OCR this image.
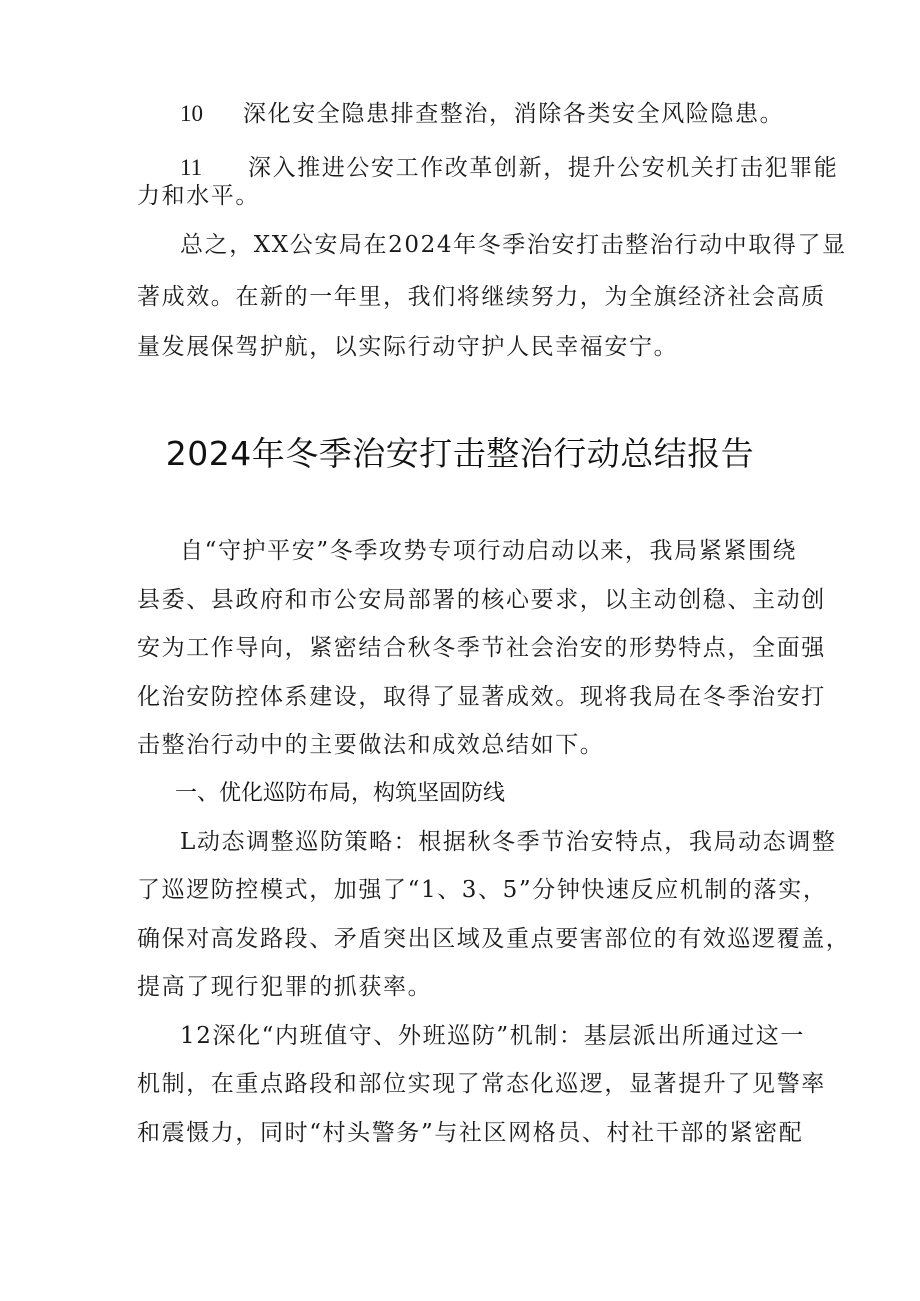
10 深化安全隐患排查整治，消除各类安全风险隐患。
11 深入推进公安工作改革创新，提升公安机关打击犯罪能
力和水平。
总之，XX公安局在2024年冬季治安打击整治行动中取得了显
著成效。在新的一年里，我们将继续努力，为全旗经济社会高质
量发展保驾护航，以实际行动守护人民幸福安宁。
2024年冬季治安打击整治行动总结报告
自“守护平安”冬季攻势专项行动启动以来，我局紧紧围绕
县委、县政府和市公安局部署的核心要求，以主动创稳、主动创
安为工作导向，紧密结合秋冬季节社会治安的形势特点，全面强
化治安防控体系建设，取得了显著成效。现将我局在冬季治安打
击整治行动中的主要做法和成效总结如下。
一、优化巡防布局，构筑坚固防线
L动态调整巡防策略：根据秋冬季节治安特点，我局动态调整
了巡逻防控模式，加强了“1、3、5”分钟快速反应机制的落实，
确保对高发路段、矛盾突出区域及重点要害部位的有效巡逻覆盖，
提高了现行犯罪的抓获率。
12深化“内班值守、外班巡防”机制：基层派出所通过这一
机制，在重点路段和部位实现了常态化巡逻，显著提升了见警率
和震慑力，同时“村头警务”与社区网格员、村社干部的紧密配
